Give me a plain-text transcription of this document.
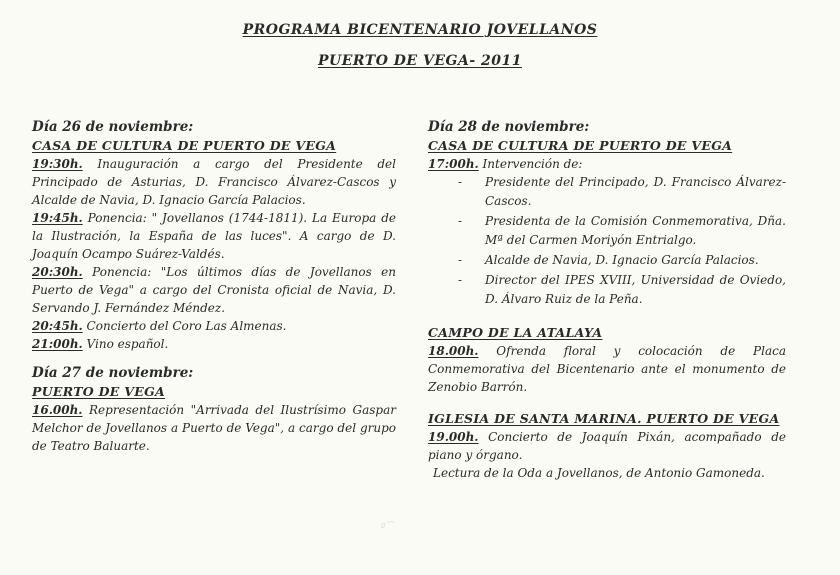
PROGRAMA BICENTENARIO JOVELLANOS
PUERTO DE VEGA- 2011
Día 26 de noviembre:
CASA DE CULTURA DE PUERTO DE VEGA
19:30h. Inauguración a cargo del Presidente del Principado de Asturias, D. Francisco Álvarez-Cascos y Alcalde de Navia, D. Ignacio García Palacios.
19:45h. Ponencia: " Jovellanos (1744-1811). La Europa de la Ilustración, la España de las luces". A cargo de D. Joaquín Ocampo Suárez-Valdés.
20:30h. Ponencia: "Los últimos días de Jovellanos en Puerto de Vega" a cargo del Cronista oficial de Navia, D. Servando J. Fernández Méndez.
20:45h. Concierto del Coro Las Almenas.
21:00h. Vino español.
Día 27 de noviembre:
PUERTO DE VEGA
16.00h. Representación "Arrivada del Ilustrísimo Gaspar Melchor de Jovellanos a Puerto de Vega", a cargo del grupo de Teatro Baluarte.
Día 28 de noviembre:
CASA DE CULTURA DE PUERTO DE VEGA
17:00h. Intervención de:
- Presidente del Principado, D. Francisco Álvarez-Cascos.
- Presidenta de la Comisión Conmemorativa, Dña. Mª del Carmen Moriyón Entrialgo.
- Alcalde de Navia, D. Ignacio García Palacios.
- Director del IPES XVIII, Universidad de Oviedo, D. Álvaro Ruiz de la Peña.
CAMPO DE LA ATALAYA
18.00h. Ofrenda floral y colocación de Placa Conmemorativa del Bicentenario ante el monumento de Zenobio Barrón.
IGLESIA DE SANTA MARINA. PUERTO DE VEGA
19.00h. Concierto de Joaquín Pixán, acompañado de piano y órgano.
Lectura de la Oda a Jovellanos, de Antonio Gamoneda.
ﾛ⌒
